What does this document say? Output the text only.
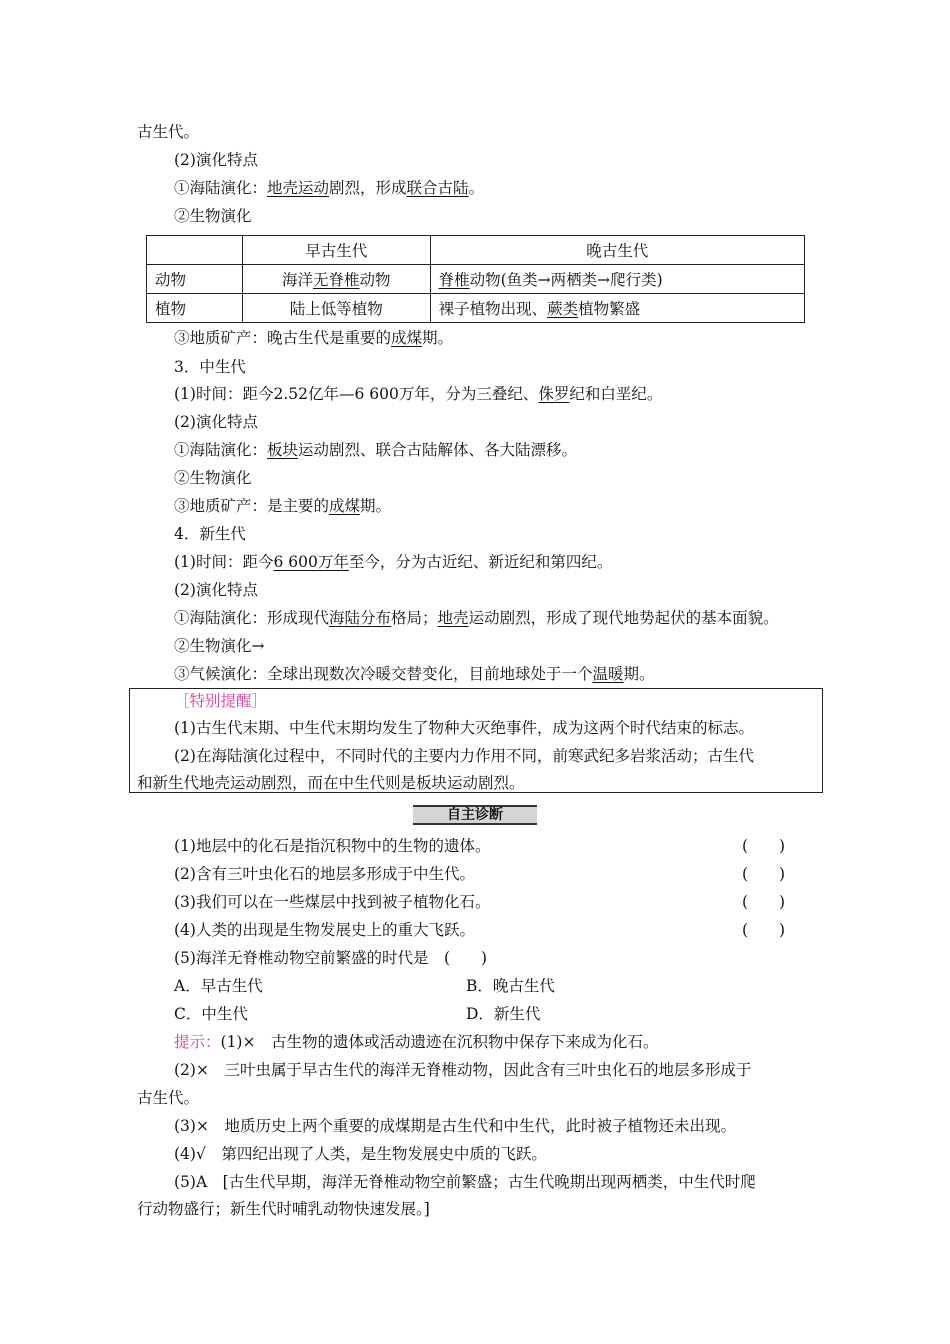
古生代。
(2)演化特点
①海陆演化：地壳运动剧烈，形成联合古陆。
②生物演化
	早古生代	晚古生代
动物	海洋无脊椎动物	脊椎动物(鱼类→两栖类→爬行类)
植物	陆上低等植物	裸子植物出现、蕨类植物繁盛
③地质矿产：晚古生代是重要的成煤期。
3．中生代
(1)时间：距今2.52亿年—6 600万年，分为三叠纪、侏罗纪和白垩纪。
(2)演化特点
①海陆演化：板块运动剧烈、联合古陆解体、各大陆漂移。
②生物演化
③地质矿产：是主要的成煤期。
4．新生代
(1)时间：距今6 600万年至今，分为古近纪、新近纪和第四纪。
(2)演化特点
①海陆演化：形成现代海陆分布格局；地壳运动剧烈，形成了现代地势起伏的基本面貌。
②生物演化→
③气候演化：全球出现数次冷暖交替变化，目前地球处于一个温暖期。
［特别提醒］
(1)古生代末期、中生代末期均发生了物种大灭绝事件，成为这两个时代结束的标志。
(2)在海陆演化过程中，不同时代的主要内力作用不同，前寒武纪多岩浆活动；古生代
和新生代地壳运动剧烈，而在中生代则是板块运动剧烈。
自主诊断
(1)地层中的化石是指沉积物中的生物的遗体。	(　　)
(2)含有三叶虫化石的地层多形成于中生代。	(　　)
(3)我们可以在一些煤层中找到被子植物化石。	(　　)
(4)人类的出现是生物发展史上的重大飞跃。	(　　)
(5)海洋无脊椎动物空前繁盛的时代是　(　　)
A．早古生代	B．晚古生代
C．中生代	D．新生代
提示：(1)×　古生物的遗体或活动遗迹在沉积物中保存下来成为化石。
(2)×　三叶虫属于早古生代的海洋无脊椎动物，因此含有三叶虫化石的地层多形成于
古生代。
(3)×　地质历史上两个重要的成煤期是古生代和中生代，此时被子植物还未出现。
(4)√　第四纪出现了人类，是生物发展史中质的飞跃。
(5)A　[古生代早期，海洋无脊椎动物空前繁盛；古生代晚期出现两栖类，中生代时爬
行动物盛行；新生代时哺乳动物快速发展。]
